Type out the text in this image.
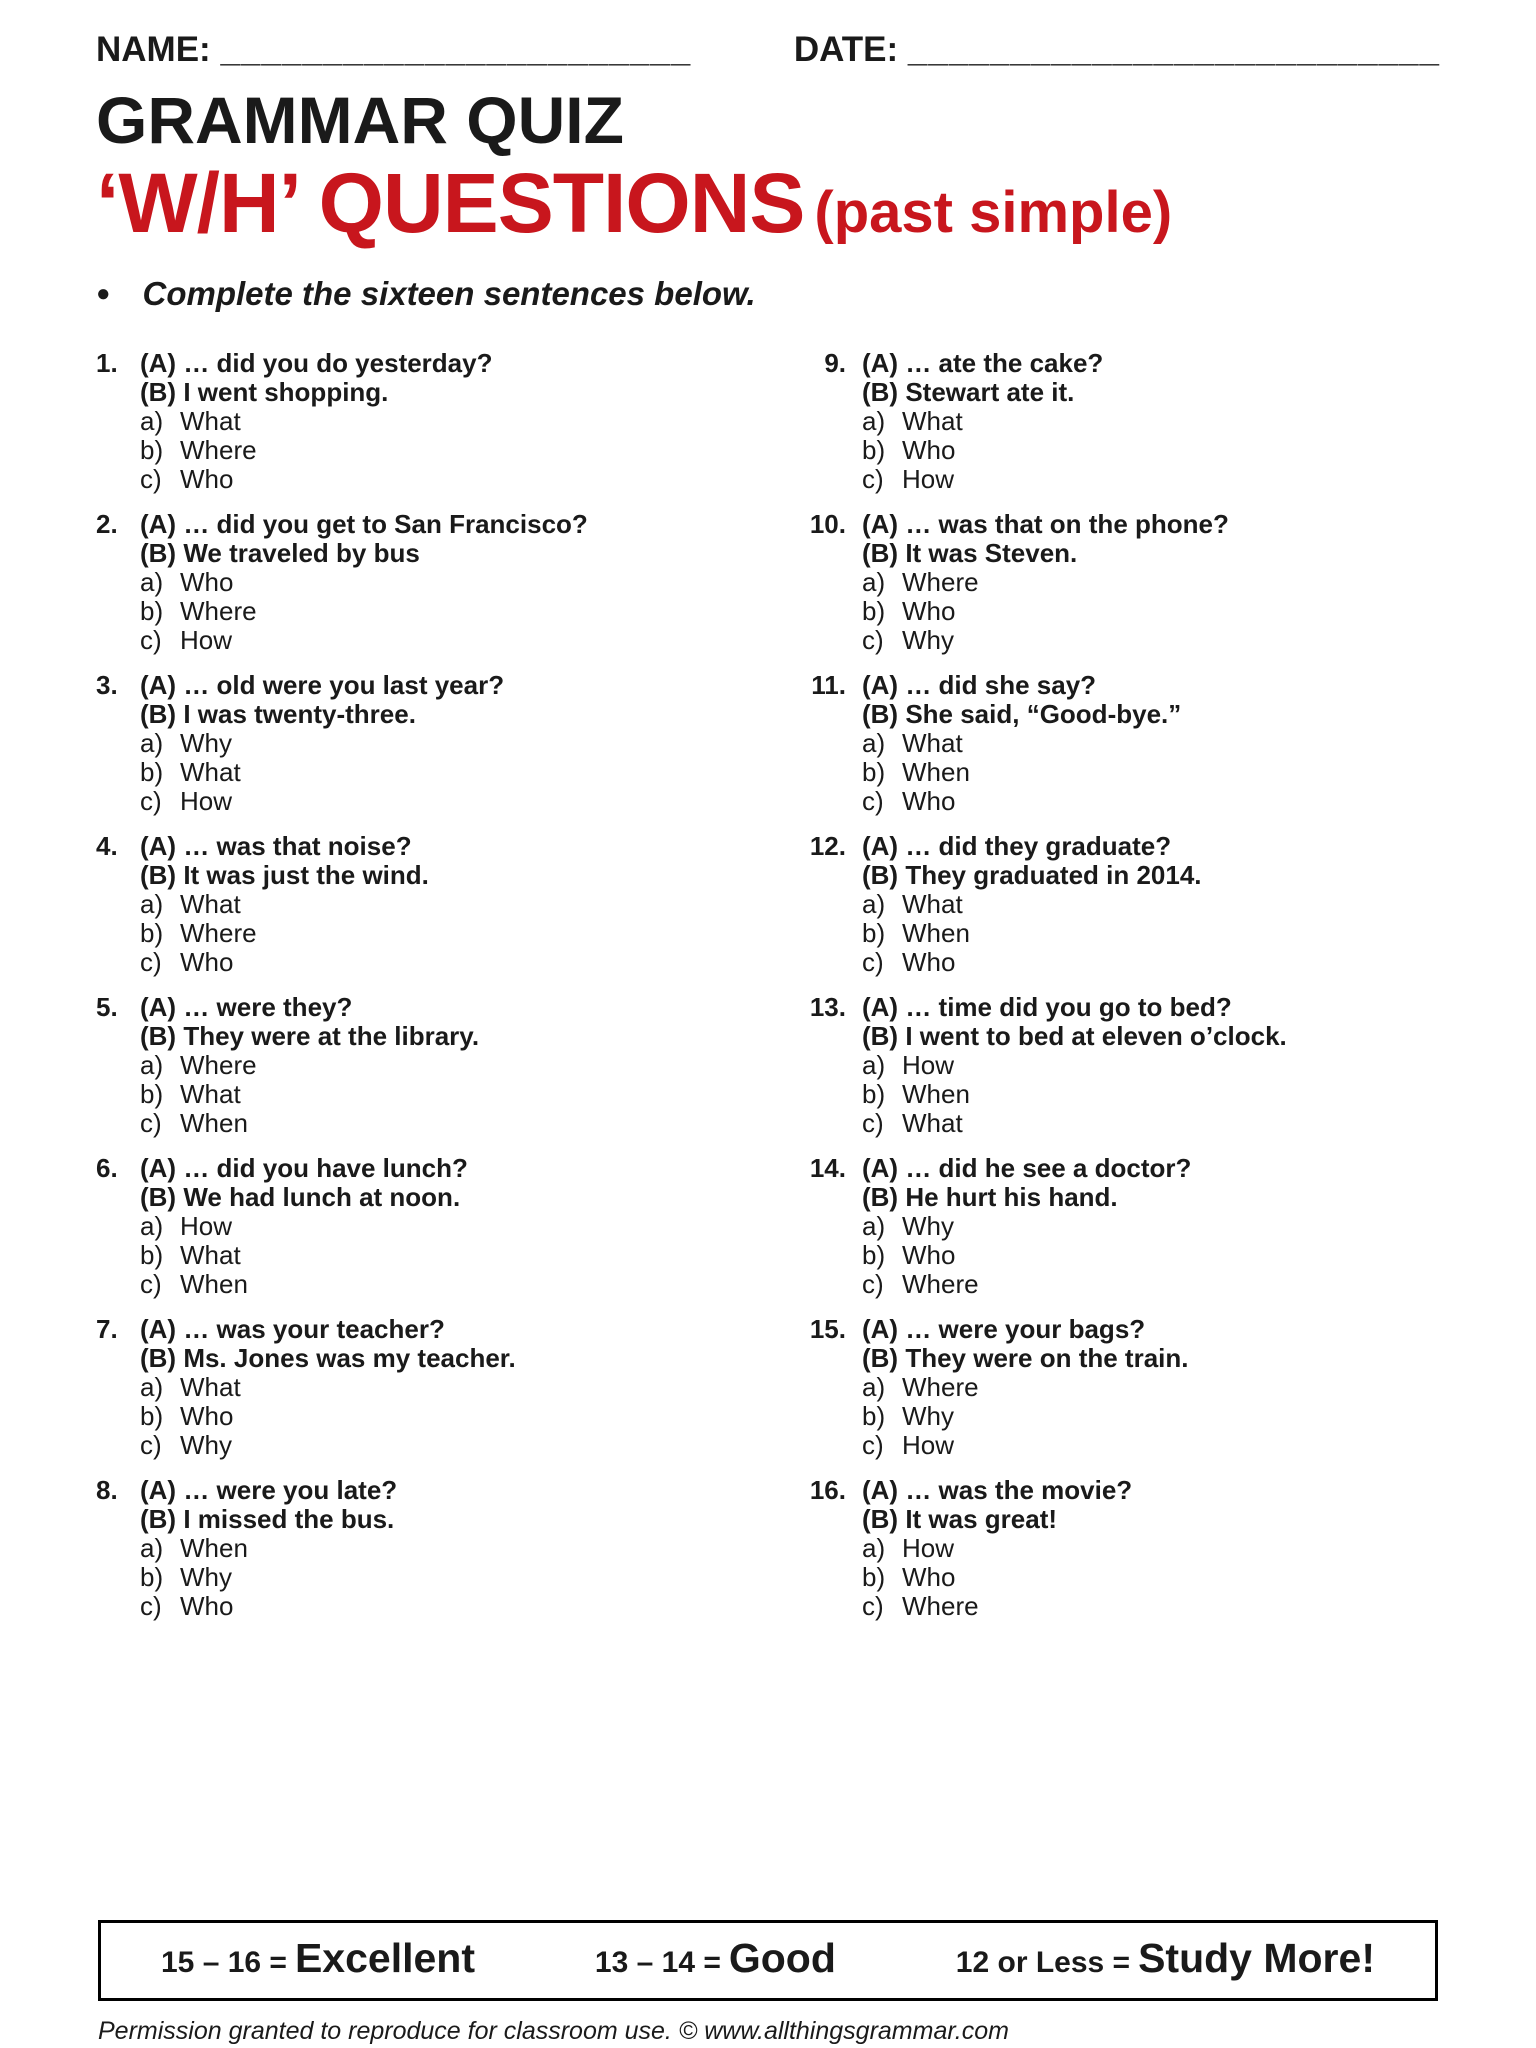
NAME: _______________________	DATE: __________________________
GRAMMAR QUIZ
‘W/H’ QUESTIONS (past simple)
● Complete the sixteen sentences below.
1. (A) … did you do yesterday?
(B) I went shopping.
a) What
b) Where
c) Who
2. (A) … did you get to San Francisco?
(B) We traveled by bus
a) Who
b) Where
c) How
3. (A) … old were you last year?
(B) I was twenty-three.
a) Why
b) What
c) How
4. (A) … was that noise?
(B) It was just the wind.
a) What
b) Where
c) Who
5. (A) … were they?
(B) They were at the library.
a) Where
b) What
c) When
6. (A) … did you have lunch?
(B) We had lunch at noon.
a) How
b) What
c) When
7. (A) … was your teacher?
(B) Ms. Jones was my teacher.
a) What
b) Who
c) Why
8. (A) … were you late?
(B) I missed the bus.
a) When
b) Why
c) Who
9. (A) … ate the cake?
(B) Stewart ate it.
a) What
b) Who
c) How
10. (A) … was that on the phone?
(B) It was Steven.
a) Where
b) Who
c) Why
11. (A) … did she say?
(B) She said, “Good-bye.”
a) What
b) When
c) Who
12. (A) … did they graduate?
(B) They graduated in 2014.
a) What
b) When
c) Who
13. (A) … time did you go to bed?
(B) I went to bed at eleven o’clock.
a) How
b) When
c) What
14. (A) … did he see a doctor?
(B) He hurt his hand.
a) Why
b) Who
c) Where
15. (A) … were your bags?
(B) They were on the train.
a) Where
b) Why
c) How
16. (A) … was the movie?
(B) It was great!
a) How
b) Who
c) Where
15 – 16 = Excellent	13 – 14 = Good	12 or Less = Study More!
Permission granted to reproduce for classroom use. © www.allthingsgrammar.com
